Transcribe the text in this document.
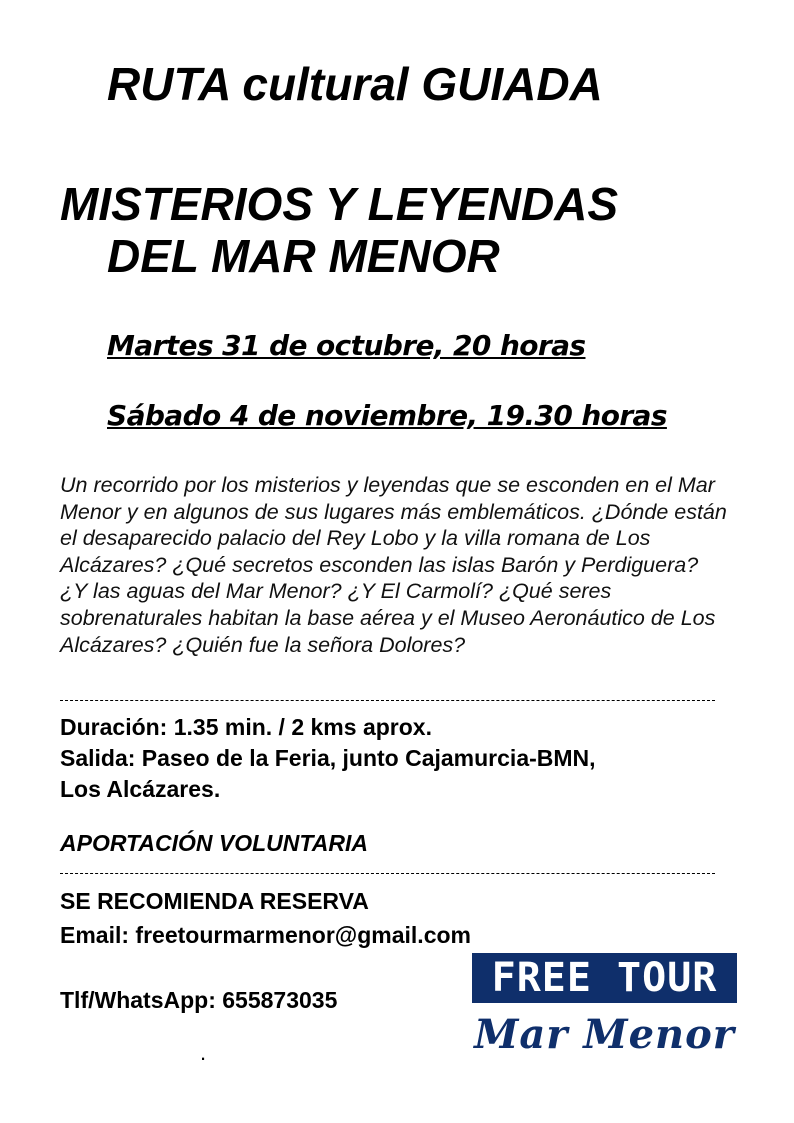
RUTA cultural GUIADA
MISTERIOS Y LEYENDAS
DEL MAR MENOR
Martes 31 de octubre, 20 horas
Sábado 4 de noviembre, 19.30 horas
Un recorrido por los misterios y leyendas que se esconden en el Mar Menor y en algunos de sus lugares más emblemáticos. ¿Dónde están el desaparecido palacio del Rey Lobo y la villa romana de Los Alcázares? ¿Qué secretos esconden las islas Barón y Perdiguera? ¿Y las aguas del Mar Menor? ¿Y El Carmolí? ¿Qué seres sobrenaturales habitan la base aérea y el Museo Aeronáutico de Los Alcázares? ¿Quién fue la señora Dolores?
Duración: 1.35 min. / 2 kms aprox.
Salida: Paseo de la Feria, junto Cajamurcia-BMN,
Los Alcázares.
APORTACIÓN VOLUNTARIA
SE RECOMIENDA RESERVA
Email: freetourmarmenor@gmail.com
Tlf/WhatsApp: 655873035
.
FREE TOUR
Mar Menor
